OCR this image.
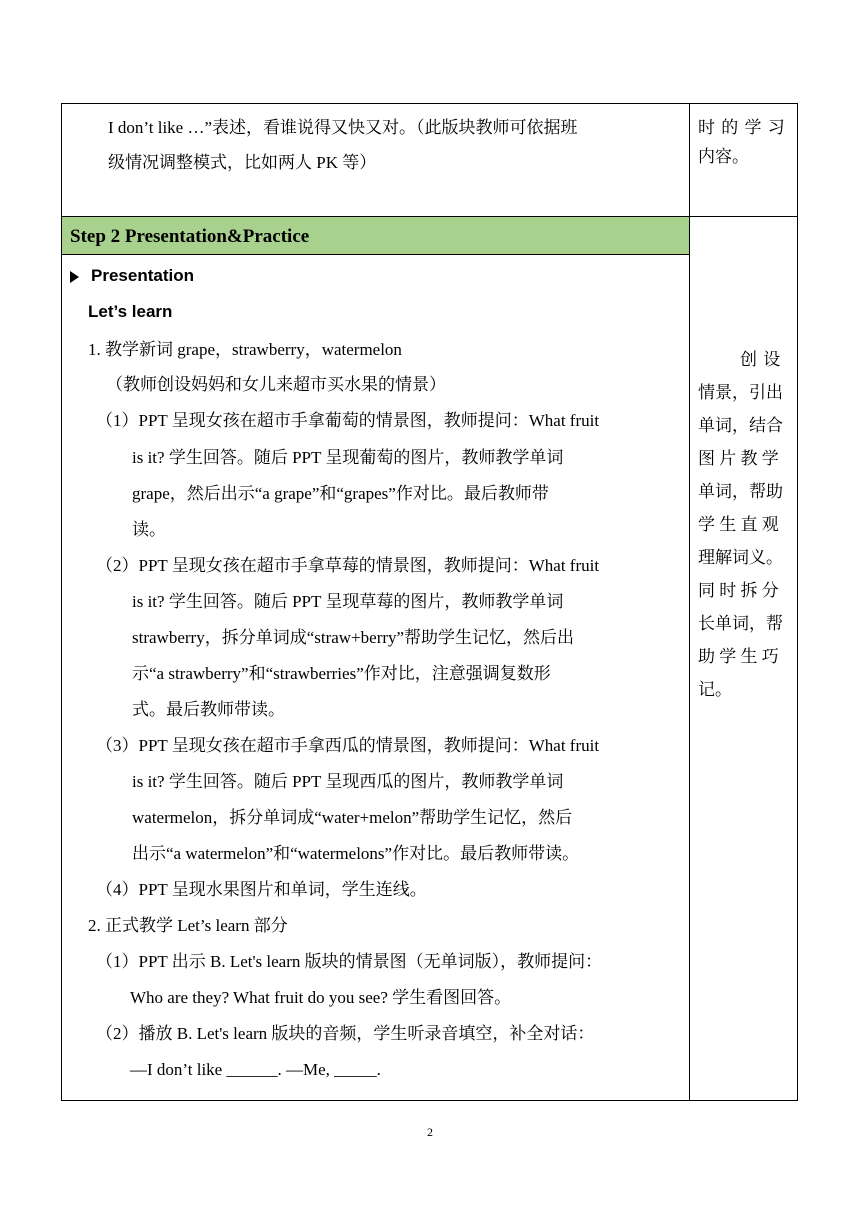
Step 2 Presentation&Practice
I don’t like …”表述，看谁说得又快又对。（此版块教师可依据班
级情况调整模式，比如两人 PK 等）
时 的 学 习
内容。
Presentation
Let’s learn
1. 教学新词 grape，strawberry，watermelon
（教师创设妈妈和女儿来超市买水果的情景）
（1）PPT 呈现女孩在超市手拿葡萄的情景图，教师提问：What fruit
is it? 学生回答。随后 PPT 呈现葡萄的图片，教师教学单词
grape，然后出示“a grape”和“grapes”作对比。最后教师带
读。
（2）PPT 呈现女孩在超市手拿草莓的情景图，教师提问：What fruit
is it? 学生回答。随后 PPT 呈现草莓的图片，教师教学单词
strawberry，拆分单词成“straw+berry”帮助学生记忆，然后出
示“a strawberry”和“strawberries”作对比，注意强调复数形
式。最后教师带读。
（3）PPT 呈现女孩在超市手拿西瓜的情景图，教师提问：What fruit
is it? 学生回答。随后 PPT 呈现西瓜的图片，教师教学单词
watermelon，拆分单词成“water+melon”帮助学生记忆，然后
出示“a watermelon”和“watermelons”作对比。最后教师带读。
（4）PPT 呈现水果图片和单词，学生连线。
2. 正式教学 Let’s learn 部分
（1）PPT 出示 B. Let's learn 版块的情景图（无单词版），教师提问：
Who are they? What fruit do you see? 学生看图回答。
（2）播放 B. Let's learn 版块的音频，学生听录音填空，补全对话：
—I don’t like ______. —Me, _____.
创 设
情景，引出
单词，结合
图 片 教 学
单词，帮助
学 生 直 观
理解词义。
同 时 拆 分
长单词，帮
助 学 生 巧
记。
2
